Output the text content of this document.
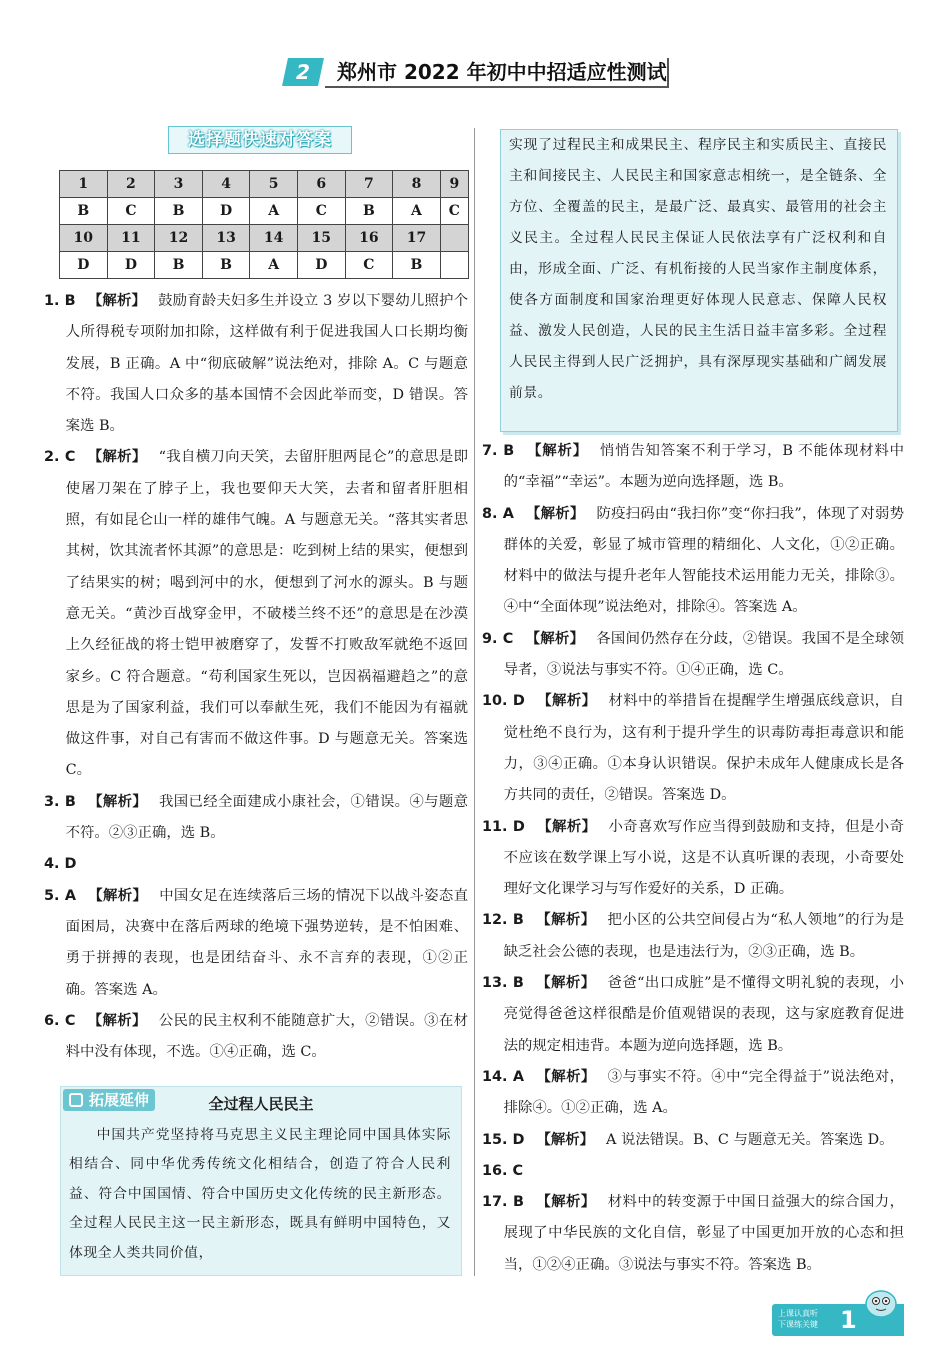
2	郑州市 2022 年初中中招适应性测试
选择题快速对答案
1	2	3	4	5	6	7	8	9
B	C	B	D	A	C	B	A	C
10	11	12	13	14	15	16	17	
D	D	B	B	A	D	C	B	

1. B 【解析】 鼓励育龄夫妇多生并设立 3 岁以下婴幼儿照护个人所得税专项附加扣除，这样做有利于促进我国人口长期均衡发展，B 正确。A 中“彻底破解”说法绝对，排除 A。C 与题意不符。我国人口众多的基本国情不会因此举而变，D 错误。答案选 B。

2. C 【解析】 “我自横刀向天笑，去留肝胆两昆仑”的意思是即使屠刀架在了脖子上，我也要仰天大笑，去者和留者肝胆相照，有如昆仑山一样的雄伟气魄。A 与题意无关。“落其实者思其树，饮其流者怀其源”的意思是：吃到树上结的果实，便想到了结果实的树；喝到河中的水，便想到了河水的源头。B 与题意无关。“黄沙百战穿金甲，不破楼兰终不还”的意思是在沙漠上久经征战的将士铠甲被磨穿了，发誓不打败敌军就绝不返回家乡。C 符合题意。“苟利国家生死以，岂因祸福避趋之”的意思是为了国家利益，我们可以奉献生死，我们不能因为有福就做这件事，对自己有害而不做这件事。D 与题意无关。答案选 C。

3. B 【解析】 我国已经全面建成小康社会，①错误。④与题意不符。②③正确，选 B。

4. D

5. A 【解析】 中国女足在连续落后三场的情况下以战斗姿态直面困局，决赛中在落后两球的绝境下强势逆转，是不怕困难、勇于拼搏的表现，也是团结奋斗、永不言弃的表现，①②正确。答案选 A。

6. C 【解析】 公民的民主权利不能随意扩大，②错误。③在材料中没有体现，不选。①④正确，选 C。

拓展延伸	全过程人民民主
中国共产党坚持将马克思主义民主理论同中国具体实际相结合、同中华优秀传统文化相结合，创造了符合人民利益、符合中国国情、符合中国历史文化传统的民主新形态。全过程人民民主这一民主新形态，既具有鲜明中国特色，又体现全人类共同价值，
实现了过程民主和成果民主、程序民主和实质民主、直接民主和间接民主、人民民主和国家意志相统一，是全链条、全方位、全覆盖的民主，是最广泛、最真实、最管用的社会主义民主。全过程人民民主保证人民依法享有广泛权利和自由，形成全面、广泛、有机衔接的人民当家作主制度体系，使各方面制度和国家治理更好体现人民意志、保障人民权益、激发人民创造，人民的民主生活日益丰富多彩。全过程人民民主得到人民广泛拥护，具有深厚现实基础和广阔发展前景。

7. B 【解析】 悄悄告知答案不利于学习，B 不能体现材料中的“幸福”“幸运”。本题为逆向选择题，选 B。

8. A 【解析】 防疫扫码由“我扫你”变“你扫我”，体现了对弱势群体的关爱，彰显了城市管理的精细化、人文化，①②正确。材料中的做法与提升老年人智能技术运用能力无关，排除③。④中“全面体现”说法绝对，排除④。答案选 A。

9. C 【解析】 各国间仍然存在分歧，②错误。我国不是全球领导者，③说法与事实不符。①④正确，选 C。

10. D 【解析】 材料中的举措旨在提醒学生增强底线意识，自觉杜绝不良行为，这有利于提升学生的识毒防毒拒毒意识和能力，③④正确。①本身认识错误。保护未成年人健康成长是各方共同的责任，②错误。答案选 D。

11. D 【解析】 小奇喜欢写作应当得到鼓励和支持，但是小奇不应该在数学课上写小说，这是不认真听课的表现，小奇要处理好文化课学习与写作爱好的关系，D 正确。

12. B 【解析】 把小区的公共空间侵占为“私人领地”的行为是缺乏社会公德的表现，也是违法行为，②③正确，选 B。

13. B 【解析】 爸爸“出口成脏”是不懂得文明礼貌的表现，小亮觉得爸爸这样很酷是价值观错误的表现，这与家庭教育促进法的规定相违背。本题为逆向选择题，选 B。

14. A 【解析】 ③与事实不符。④中“完全得益于”说法绝对，排除④。①②正确，选 A。

15. D 【解析】 A 说法错误。B、C 与题意无关。答案选 D。

16. C

17. B 【解析】 材料中的转变源于中国日益强大的综合国力，展现了中华民族的文化自信，彰显了中国更加开放的心态和担当，①②④正确。③说法与事实不符。答案选 B。

上课认真听
下课练关键 1
